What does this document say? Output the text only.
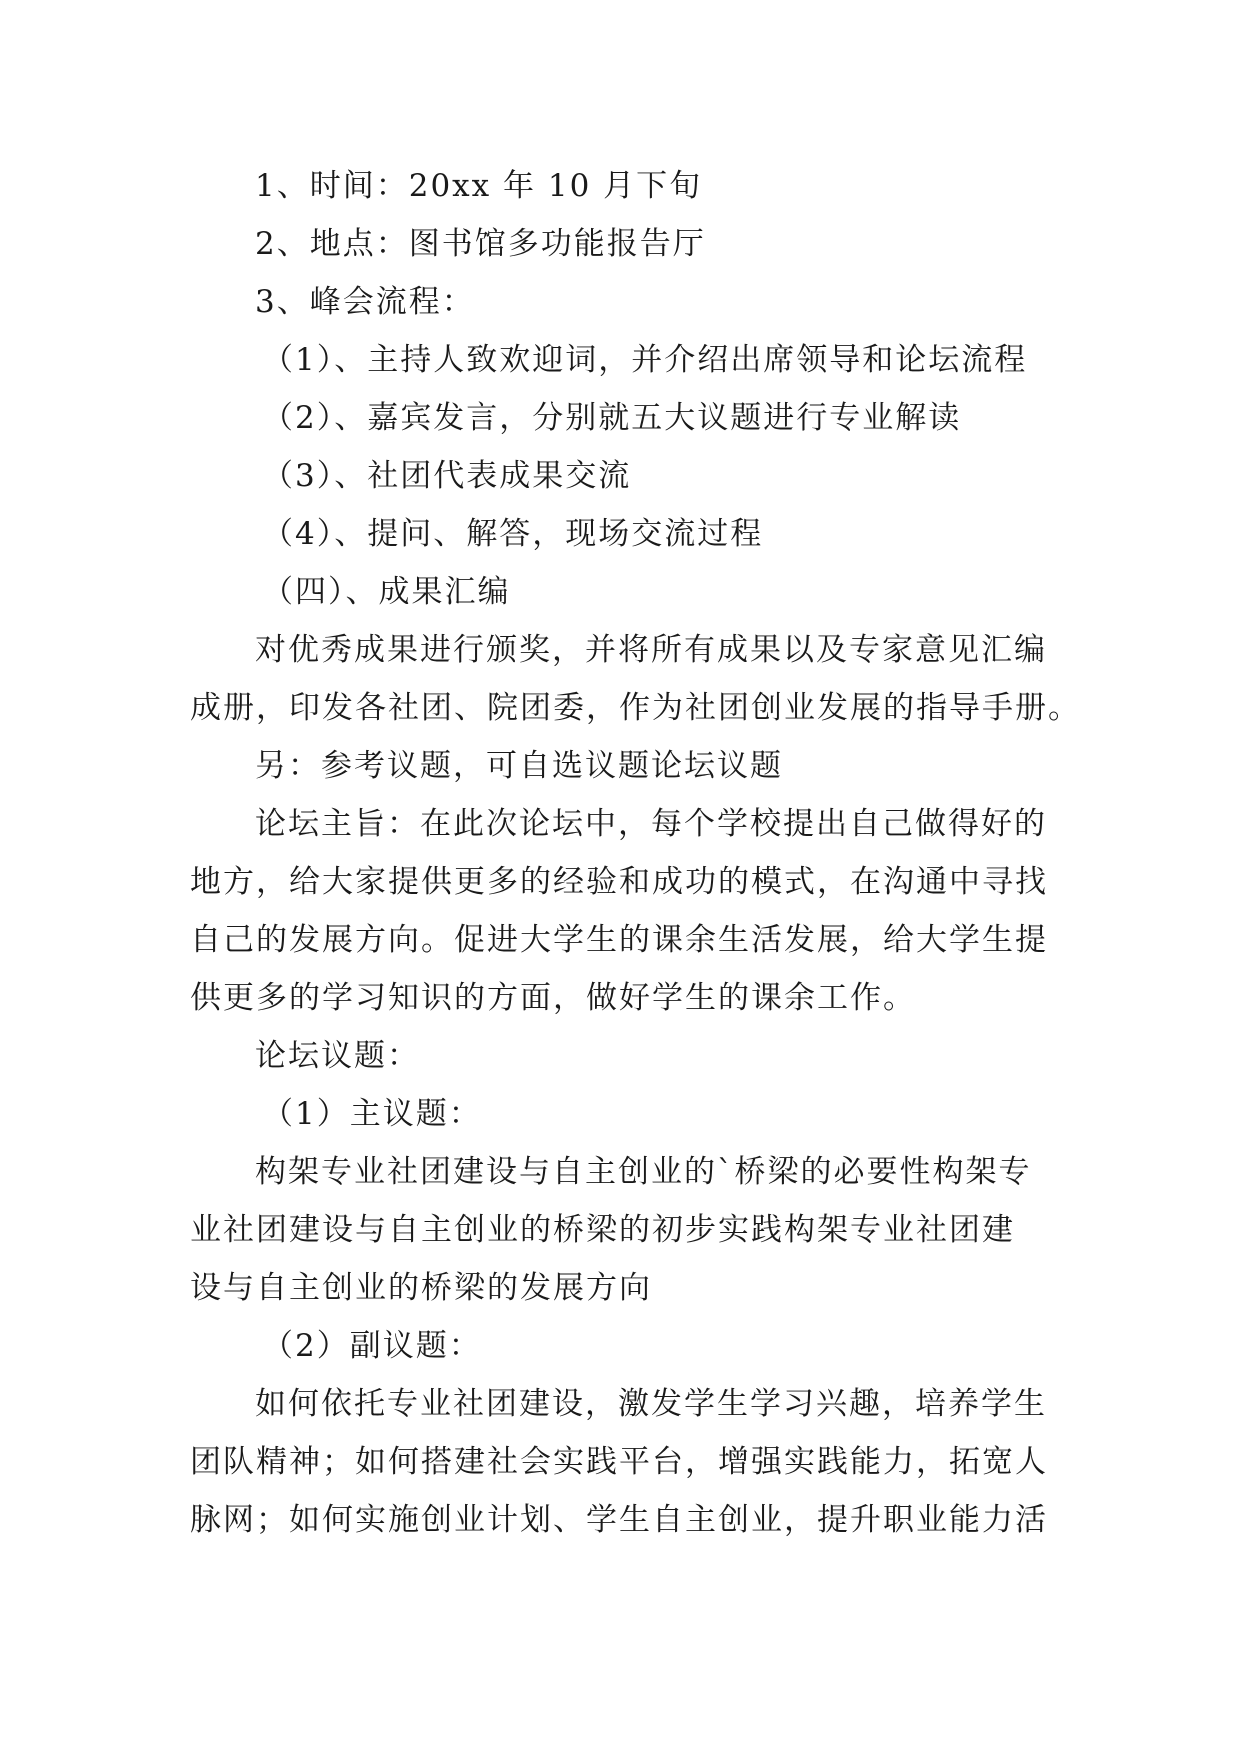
1、时间：20xx 年 10 月下旬

2、地点：图书馆多功能报告厅

3、峰会流程：

（1）、主持人致欢迎词，并介绍出席领导和论坛流程

（2）、嘉宾发言，分别就五大议题进行专业解读

（3）、社团代表成果交流

（4）、提问、解答，现场交流过程

（四）、成果汇编

对优秀成果进行颁奖，并将所有成果以及专家意见汇编

成册，印发各社团、院团委，作为社团创业发展的指导手册。

另：参考议题，可自选议题论坛议题

论坛主旨：在此次论坛中，每个学校提出自己做得好的

地方，给大家提供更多的经验和成功的模式，在沟通中寻找

自己的发展方向。促进大学生的课余生活发展，给大学生提

供更多的学习知识的方面，做好学生的课余工作。

论坛议题：

（1）主议题：

构架专业社团建设与自主创业的`桥梁的必要性构架专

业社团建设与自主创业的桥梁的初步实践构架专业社团建

设与自主创业的桥梁的发展方向

（2）副议题：

如何依托专业社团建设，激发学生学习兴趣，培养学生

团队精神；如何搭建社会实践平台，增强实践能力，拓宽人

脉网；如何实施创业计划、学生自主创业，提升职业能力活
